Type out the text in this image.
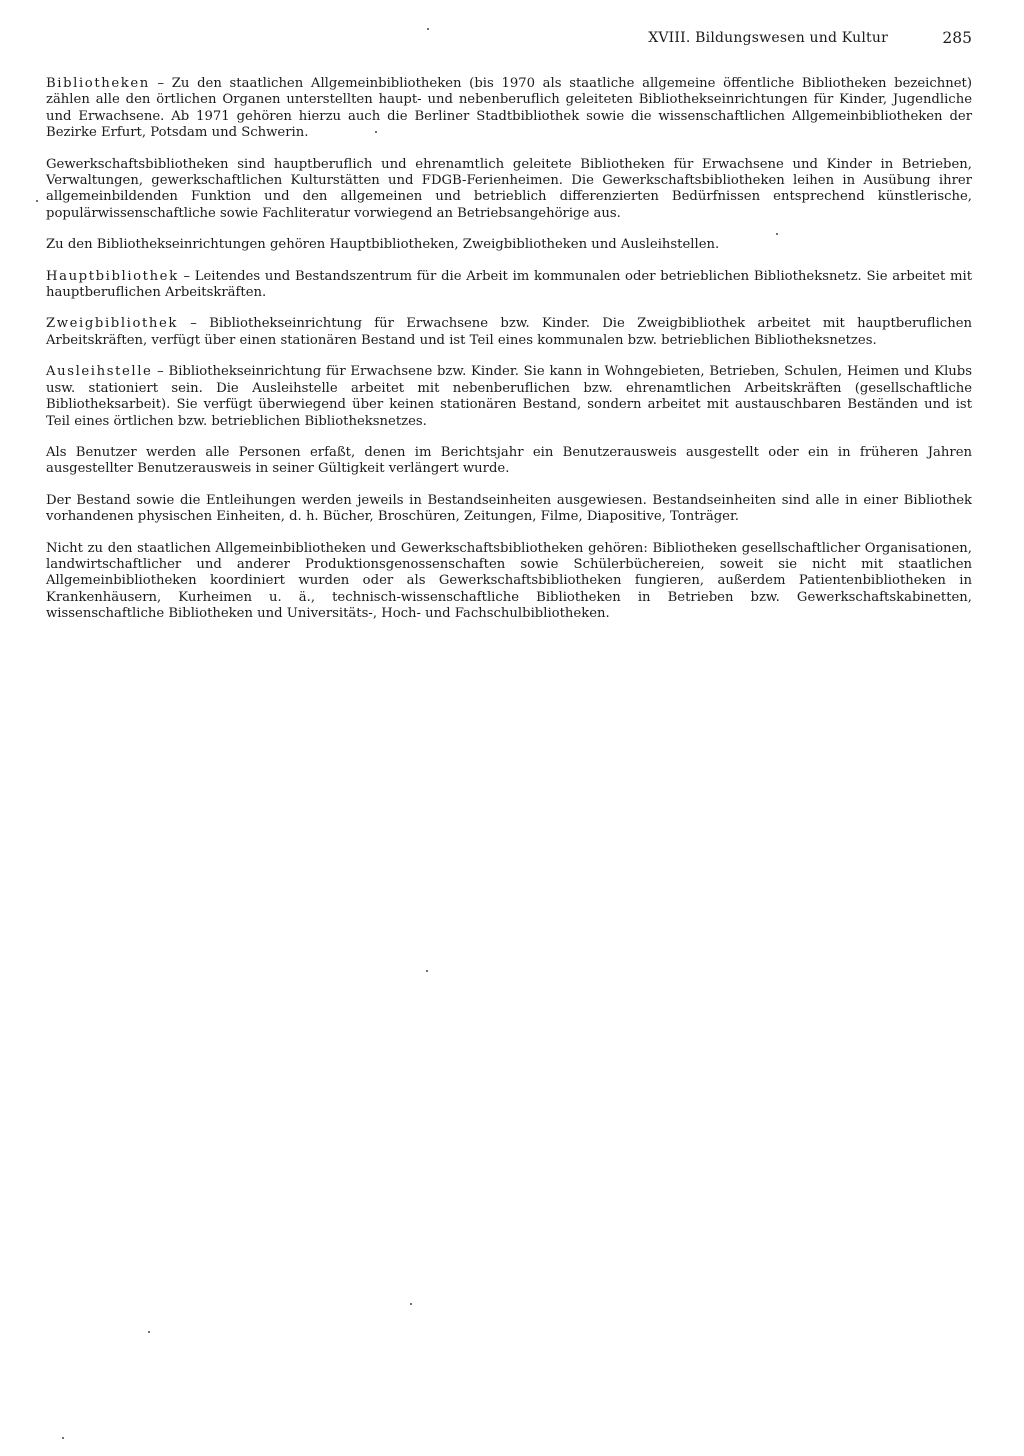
XVIII. Bildungswesen und Kultur	285

Bibliotheken – Zu den staatlichen Allgemeinbibliotheken (bis 1970 als staatliche allgemeine öffentliche Bibliotheken bezeichnet) zählen alle den örtlichen Organen unterstellten haupt- und nebenberuflich geleiteten Bibliothekseinrichtungen für Kinder, Jugendliche und Erwachsene. Ab 1971 gehören hierzu auch die Berliner Stadtbibliothek sowie die wissenschaftlichen Allgemeinbibliotheken der Bezirke Erfurt, Potsdam und Schwerin.

Gewerkschaftsbibliotheken sind hauptberuflich und ehrenamtlich geleitete Bibliotheken für Erwachsene und Kinder in Betrieben, Verwaltungen, gewerkschaftlichen Kulturstätten und FDGB-Ferienheimen. Die Gewerkschaftsbibliotheken leihen in Ausübung ihrer allgemeinbildenden Funktion und den allgemeinen und betrieblich differenzierten Bedürfnissen entsprechend künstlerische, populärwissenschaftliche sowie Fachliteratur vorwiegend an Betriebsangehörige aus.

Zu den Bibliothekseinrichtungen gehören Hauptbibliotheken, Zweigbibliotheken und Ausleihstellen.

Hauptbibliothek – Leitendes und Bestandszentrum für die Arbeit im kommunalen oder betrieblichen Bibliotheksnetz. Sie arbeitet mit hauptberuflichen Arbeitskräften.

Zweigbibliothek – Bibliothekseinrichtung für Erwachsene bzw. Kinder. Die Zweigbibliothek arbeitet mit hauptberuflichen Arbeitskräften, verfügt über einen stationären Bestand und ist Teil eines kommunalen bzw. betrieblichen Bibliotheksnetzes.

Ausleihstelle – Bibliothekseinrichtung für Erwachsene bzw. Kinder. Sie kann in Wohngebieten, Betrieben, Schulen, Heimen und Klubs usw. stationiert sein. Die Ausleihstelle arbeitet mit nebenberuflichen bzw. ehrenamtlichen Arbeitskräften (gesellschaftliche Bibliotheksarbeit). Sie verfügt überwiegend über keinen stationären Bestand, sondern arbeitet mit austauschbaren Beständen und ist Teil eines örtlichen bzw. betrieblichen Bibliotheksnetzes.

Als Benutzer werden alle Personen erfaßt, denen im Berichtsjahr ein Benutzerausweis ausgestellt oder ein in früheren Jahren ausgestellter Benutzerausweis in seiner Gültigkeit verlängert wurde.

Der Bestand sowie die Entleihungen werden jeweils in Bestandseinheiten ausgewiesen. Bestandseinheiten sind alle in einer Bibliothek vorhandenen physischen Einheiten, d. h. Bücher, Broschüren, Zeitungen, Filme, Diapositive, Tonträger.

Nicht zu den staatlichen Allgemeinbibliotheken und Gewerkschaftsbibliotheken gehören: Bibliotheken gesellschaftlicher Organisationen, landwirtschaftlicher und anderer Produktionsgenossenschaften sowie Schülerbüchereien, soweit sie nicht mit staatlichen Allgemeinbibliotheken koordiniert wurden oder als Gewerkschaftsbibliotheken fungieren, außerdem Patientenbibliotheken in Krankenhäusern, Kurheimen u. ä., technisch-wissenschaftliche Bibliotheken in Betrieben bzw. Gewerkschaftskabinetten, wissenschaftliche Bibliotheken und Universitäts-, Hoch- und Fachschulbibliotheken.
